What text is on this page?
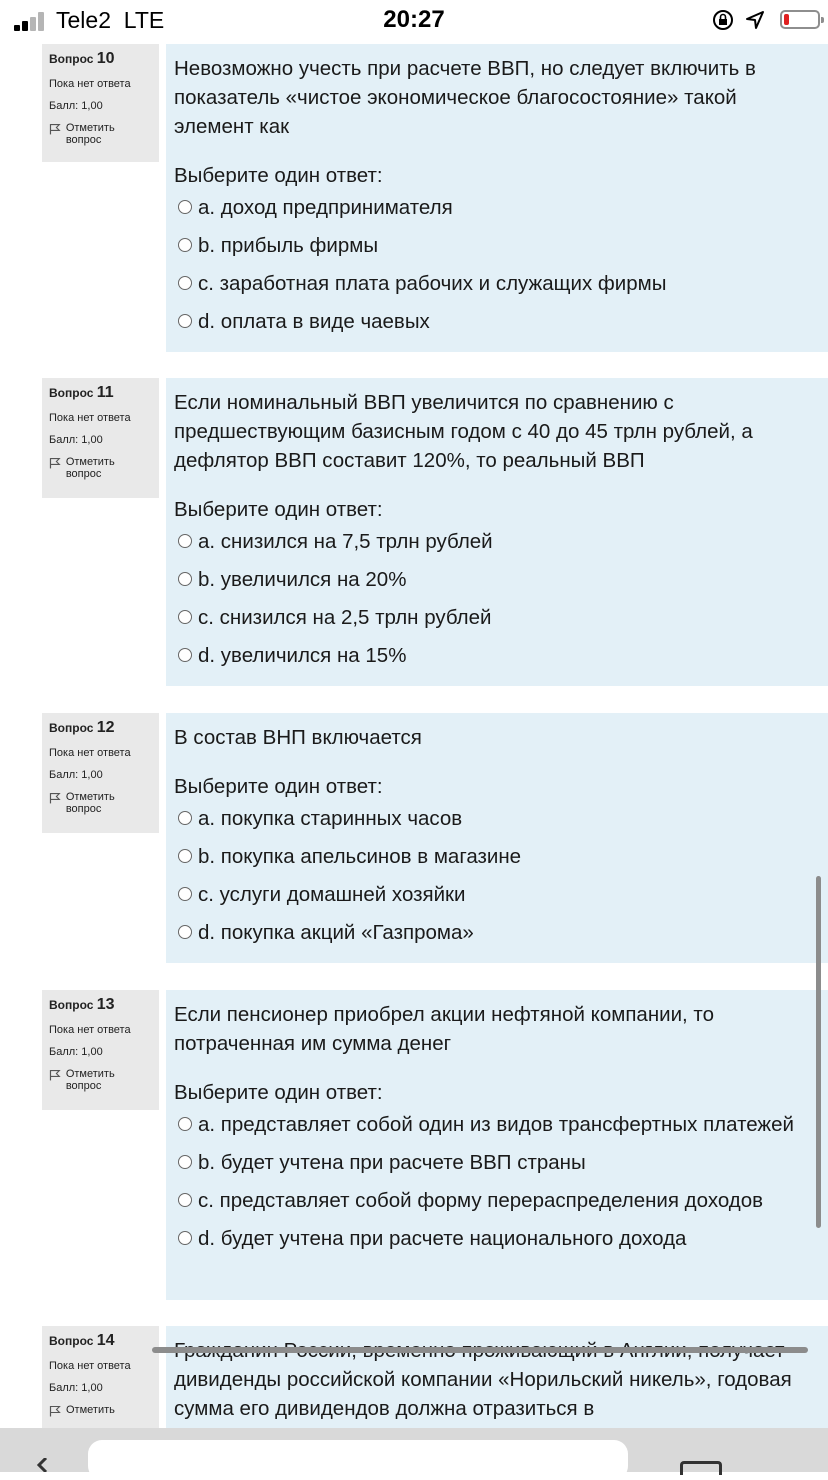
Tele2 LTE	20:27
Вопрос 10
Пока нет ответа
Балл: 1,00
Отметить вопрос
Невозможно учесть при расчете ВВП, но следует включить в показатель «чистое экономическое благосостояние» такой элемент как
Выберите один ответ:
a. доход предпринимателя
b. прибыль фирмы
c. заработная плата рабочих и служащих фирмы
d. оплата в виде чаевых
Вопрос 11
Пока нет ответа
Балл: 1,00
Отметить вопрос
Если номинальный ВВП увеличится по сравнению с предшествующим базисным годом с 40 до 45 трлн рублей, а дефлятор ВВП составит 120%, то реальный ВВП
Выберите один ответ:
a. снизился на 7,5 трлн рублей
b. увеличился на 20%
c. снизился на 2,5 трлн рублей
d. увеличился на 15%
Вопрос 12
Пока нет ответа
Балл: 1,00
Отметить вопрос
В состав ВНП включается
Выберите один ответ:
a. покупка старинных часов
b. покупка апельсинов в магазине
c. услуги домашней хозяйки
d. покупка акций «Газпрома»
Вопрос 13
Пока нет ответа
Балл: 1,00
Отметить вопрос
Если пенсионер приобрел акции нефтяной компании, то потраченная им сумма денег
Выберите один ответ:
a. представляет собой один из видов трансфертных платежей
b. будет учтена при расчете ВВП страны
c. представляет собой форму перераспределения доходов
d. будет учтена при расчете национального дохода
Вопрос 14
Пока нет ответа
Балл: 1,00
Отметить
дивиденды российской компании «Норильский никель», годовая сумма его дивидендов должна отразиться в
